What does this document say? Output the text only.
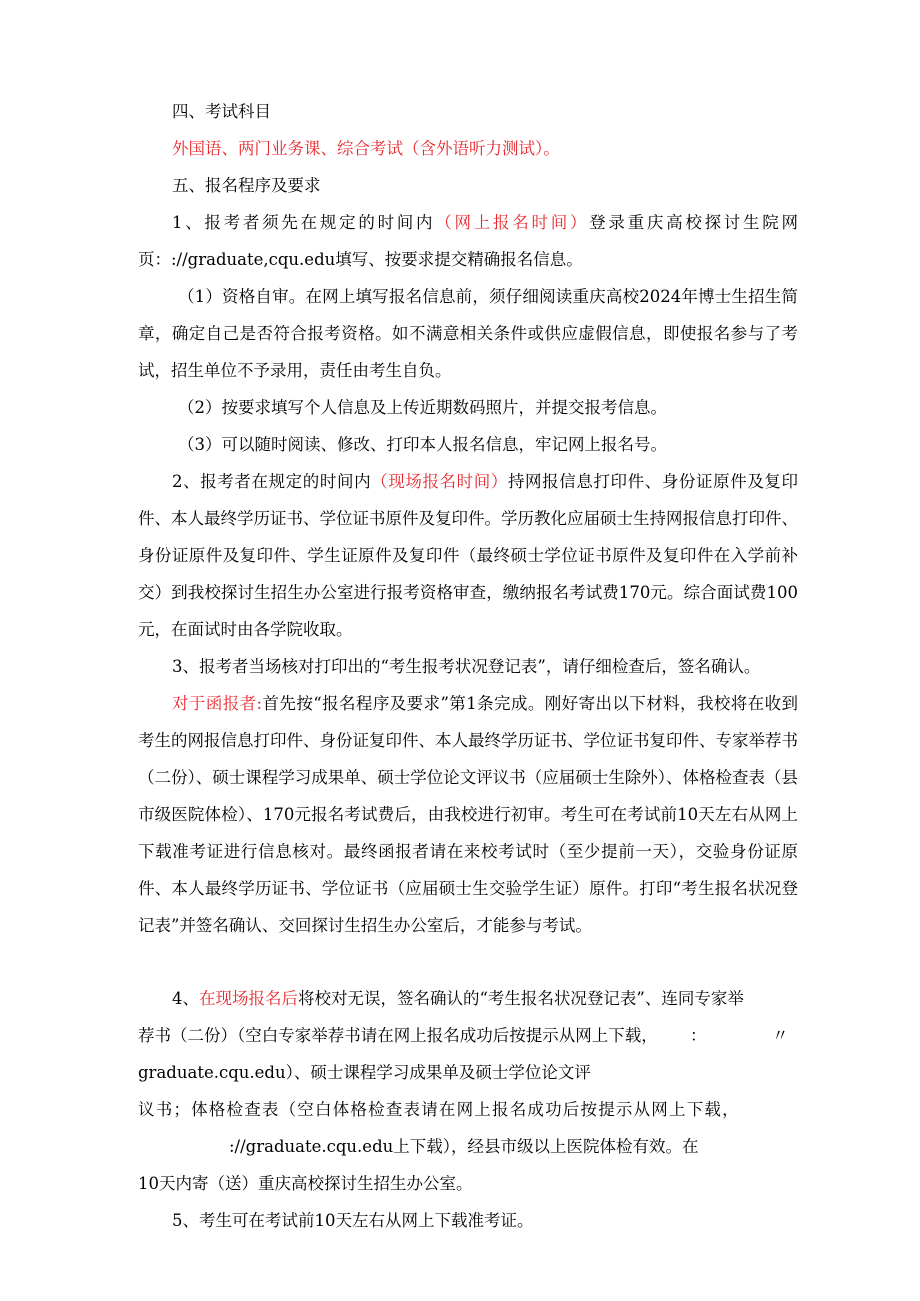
四、考试科目

外国语、两门业务课、综合考试（含外语听力测试）。

五、报名程序及要求

1、报考者须先在规定的时间内（网上报名时间）登录重庆高校探讨生院网页：://graduate,cqu.edu填写、按要求提交精确报名信息。

（1）资格自审。在网上填写报名信息前，须仔细阅读重庆高校2024年博士生招生简章，确定自己是否符合报考资格。如不满意相关条件或供应虚假信息，即使报名参与了考试，招生单位不予录用，责任由考生自负。

（2）按要求填写个人信息及上传近期数码照片，并提交报考信息。

（3）可以随时阅读、修改、打印本人报名信息，牢记网上报名号。

2、报考者在规定的时间内（现场报名时间）持网报信息打印件、身份证原件及复印件、本人最终学历证书、学位证书原件及复印件。学历教化应届硕士生持网报信息打印件、身份证原件及复印件、学生证原件及复印件（最终硕士学位证书原件及复印件在入学前补交）到我校探讨生招生办公室进行报考资格审查，缴纳报名考试费170元。综合面试费100元，在面试时由各学院收取。

3、报考者当场核对打印出的“考生报考状况登记表”，请仔细检查后，签名确认。

对于函报者:首先按“报名程序及要求”第1条完成。刚好寄出以下材料，我校将在收到考生的网报信息打印件、身份证复印件、本人最终学历证书、学位证书复印件、专家举荐书（二份）、硕士课程学习成果单、硕士学位论文评议书（应届硕士生除外）、体格检查表（县市级医院体检）、170元报名考试费后，由我校进行初审。考生可在考试前10天左右从网上下载准考证进行信息核对。最终函报者请在来校考试时（至少提前一天），交验身份证原件、本人最终学历证书、学位证书（应届硕士生交验学生证）原件。打印“考生报名状况登记表”并签名确认、交回探讨生招生办公室后，才能参与考试。

4、在现场报名后将校对无误，签名确认的“考生报名状况登记表”、连同专家举

荐书（二份）（空白专家举荐书请在网上报名成功后按提示从网上下载， ：	〃

graduate.cqu.edu）、硕士课程学习成果单及硕士学位论文评

议书；体格检查表（空白体格检查表请在网上报名成功后按提示从网上下载，

://graduate.cqu.edu上下载），经县市级以上医院体检有效。在

10天内寄（送）重庆高校探讨生招生办公室。

5、考生可在考试前10天左右从网上下载准考证。
